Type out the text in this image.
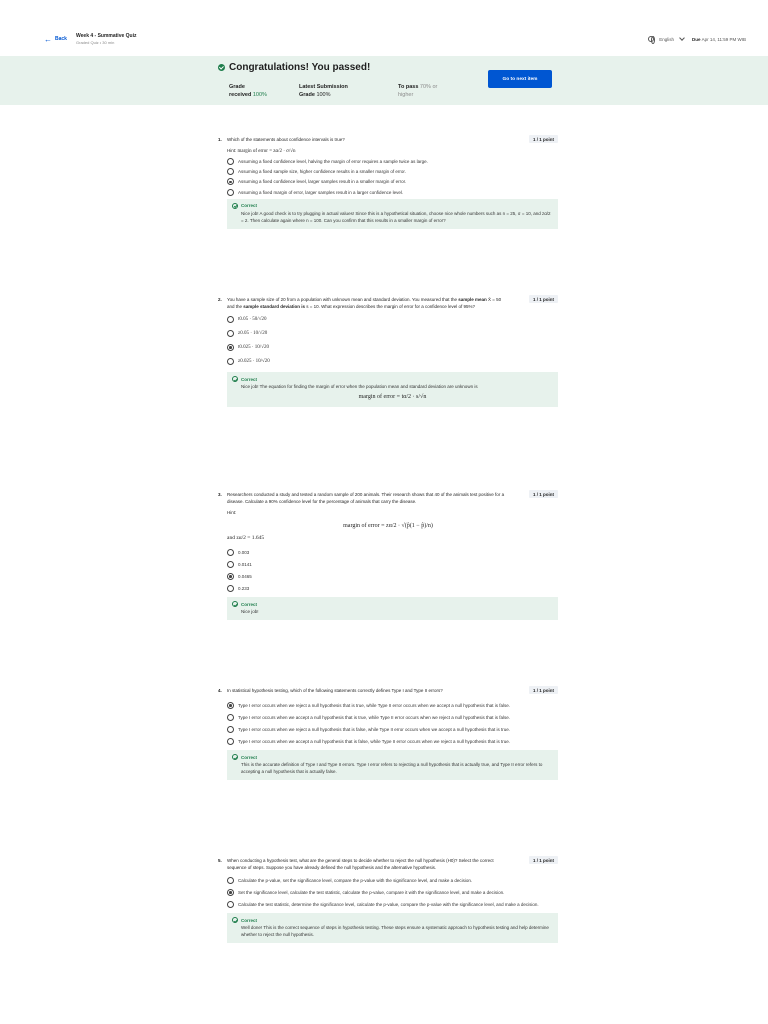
← Back Week 4 - Summative Quiz
Graded Quiz • 30 min
English	Due Apr 14, 11:59 PM WIB
Congratulations! You passed!
Grade
received 100%
Latest Submission
Grade 100%
To pass 70% or
higher
Go to next item
1.	Which of the statements about confidence intervals is true?	1 / 1 point
Hint: margin of error = zα/2 · σ/√n
Assuming a fixed confidence level, halving the margin of error requires a sample twice as large.
Assuming a fixed sample size, higher confidence results in a smaller margin of error.
Assuming a fixed confidence level, larger samples result in a smaller margin of error.
Assuming a fixed margin of error, larger samples result in a larger confidence level.
Correct
Nice job! A good check is to try plugging in actual values! Since this is a hypothetical situation, choose nice whole numbers such as n = 25, σ = 10, and zα/2 = 2. Then calculate again where n = 100. Can you confirm that this results in a smaller margin of error?
2.	You have a sample size of 20 from a population with unknown mean and standard deviation. You measured that the sample mean X̄ = 50 and the sample standard deviation is s = 10. What expression describes the margin of error for a confidence level of 95%?
1 / 1 point
t0.05 · 50/√20
z0.05 · 10/√20
t0.025 · 10/√20
z0.025 · 10/√20
Correct
Nice job! The equation for finding the margin of error when the population mean and standard deviation are unknown is
margin of error = tα/2 · s/√n
3.	Researchers conducted a study and tested a random sample of 200 animals. Their research shows that 40 of the animals test positive for a disease. Calculate a 90% confidence level for the percentage of animals that carry the disease.
1 / 1 point
Hint:
margin of error = zα/2 · √(p̂(1 − p̂)/n)
and zα/2 = 1.645
0.003
0.0141
0.0465
0.233
Correct
Nice job!
4.	In statistical hypothesis testing, which of the following statements correctly defines Type I and Type II errors?	1 / 1 point
Type I error occurs when we reject a null hypothesis that is true, while Type II error occurs when we accept a null hypothesis that is false.
Type I error occurs when we accept a null hypothesis that is true, while Type II error occurs when we reject a null hypothesis that is false.
Type I error occurs when we reject a null hypothesis that is false, while Type II error occurs when we accept a null hypothesis that is true.
Type I error occurs when we accept a null hypothesis that is false, while Type II error occurs when we reject a null hypothesis that is true.
Correct
This is the accurate definition of Type I and Type II errors. Type I error refers to rejecting a null hypothesis that is actually true, and Type II error refers to accepting a null hypothesis that is actually false.
5.	When conducting a hypothesis test, what are the general steps to decide whether to reject the null hypothesis (H0)? Select the correct sequence of steps. Suppose you have already defined the null hypothesis and the alternative hypothesis.
1 / 1 point
Calculate the p-value, set the significance level, compare the p-value with the significance level, and make a decision.
Set the significance level, calculate the test statistic, calculate the p-value, compare it with the significance level, and make a decision.
Calculate the test statistic, determine the significance level, calculate the p-value, compare the p-value with the significance level, and make a decision.
Correct
Well done! This is the correct sequence of steps in hypothesis testing. These steps ensure a systematic approach to hypothesis testing and help determine whether to reject the null hypothesis.
